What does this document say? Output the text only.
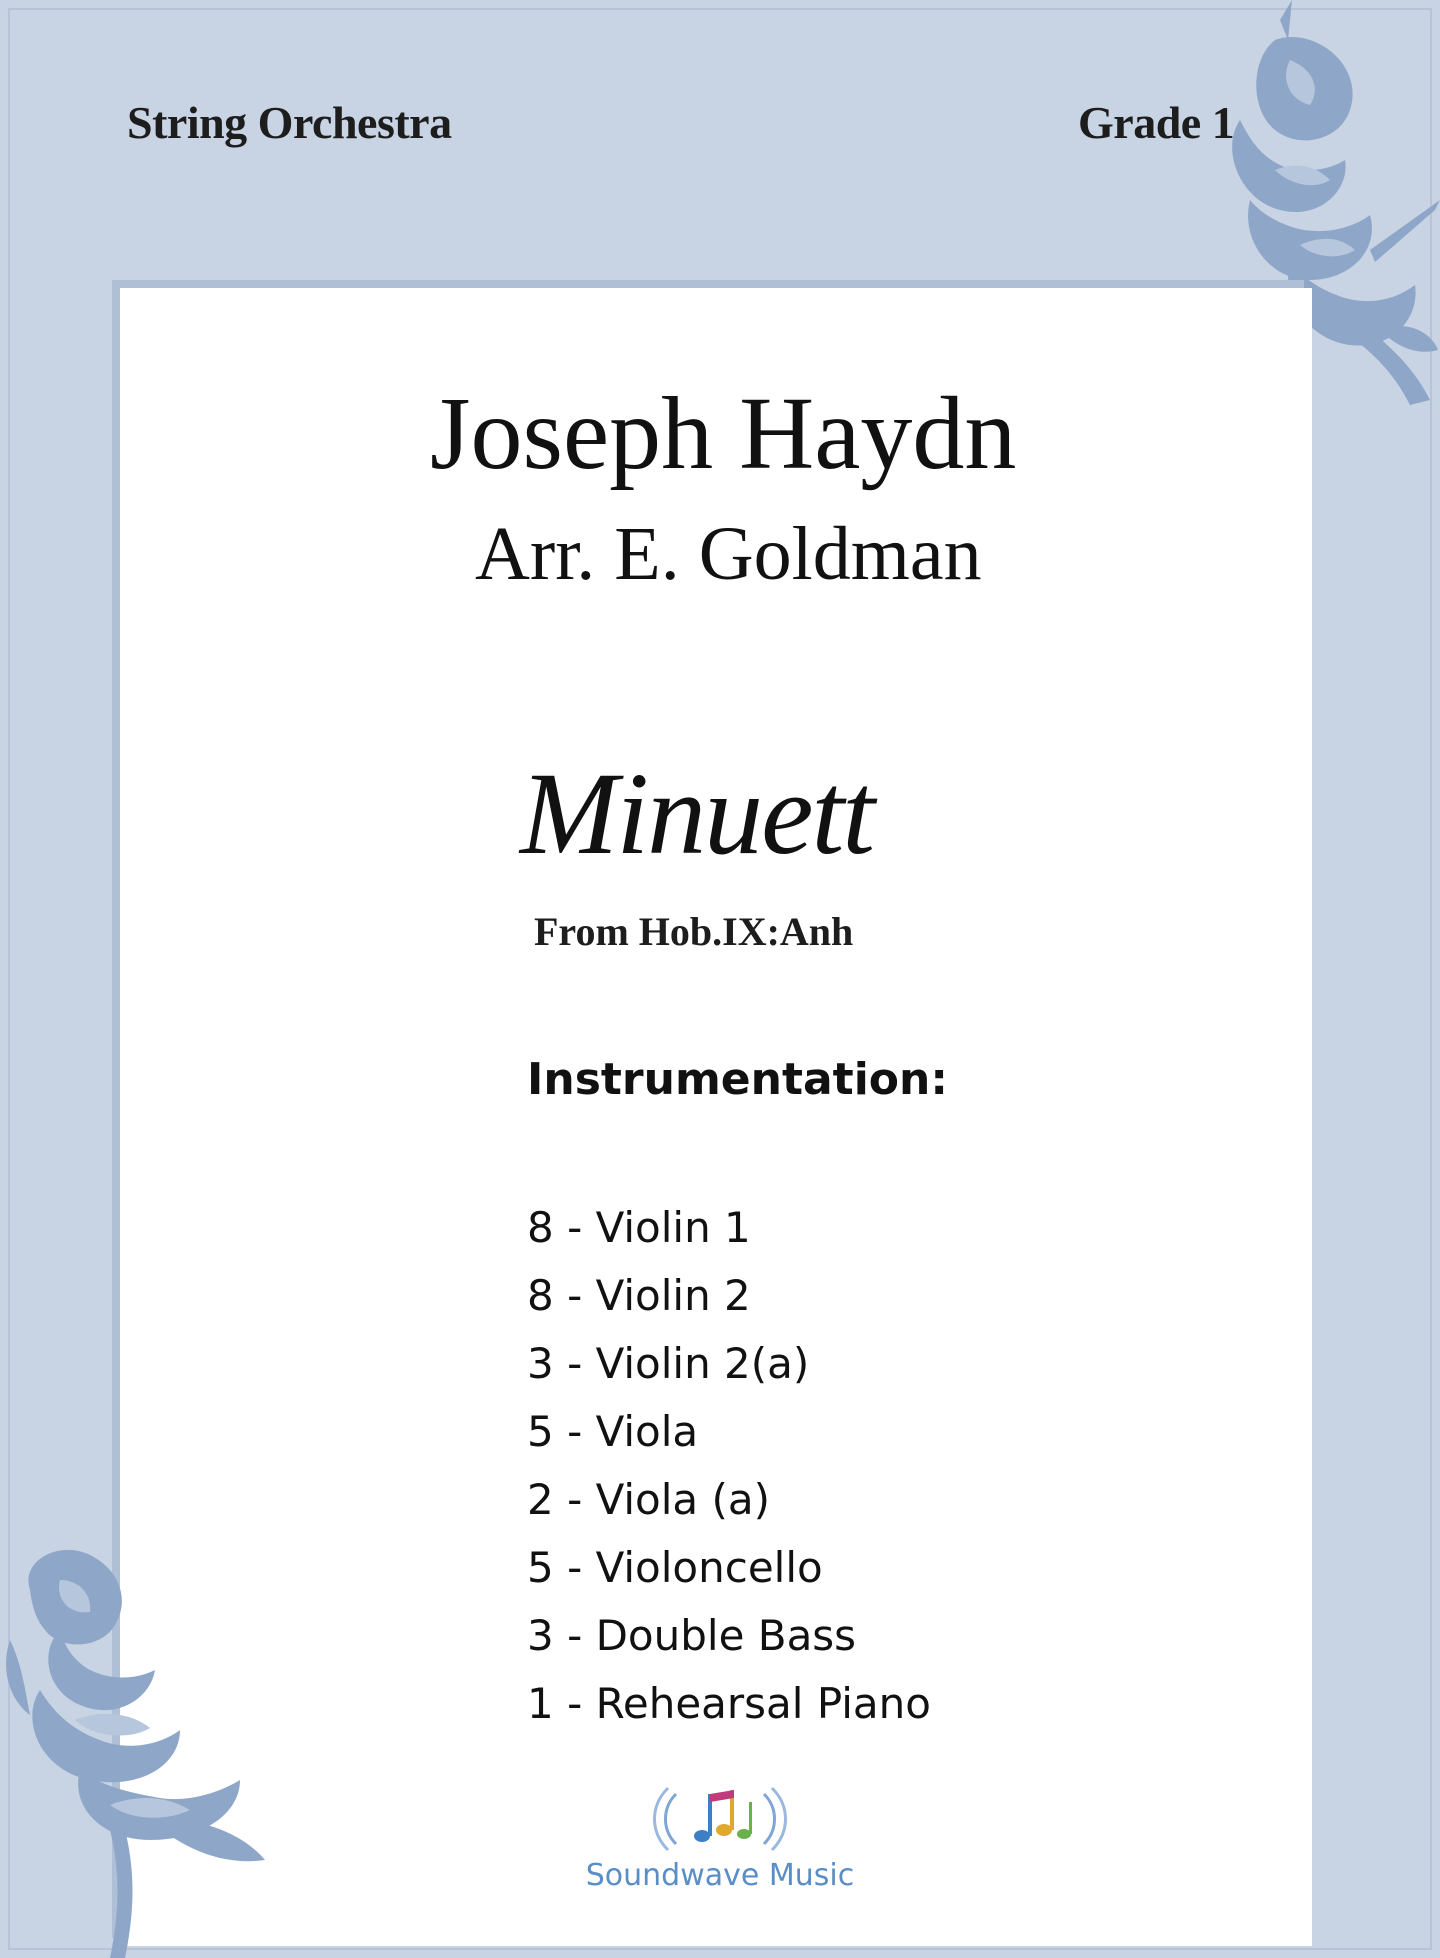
String Orchestra	Grade 1
Joseph Haydn
Arr. E. Goldman
Minuett
From Hob.IX:Anh
Instrumentation:
8 - Violin 1
8 - Violin 2
3 - Violin 2(a)
5 - Viola
2 - Viola (a)
5 - Violoncello
3 - Double Bass
1 - Rehearsal Piano
Soundwave Music
